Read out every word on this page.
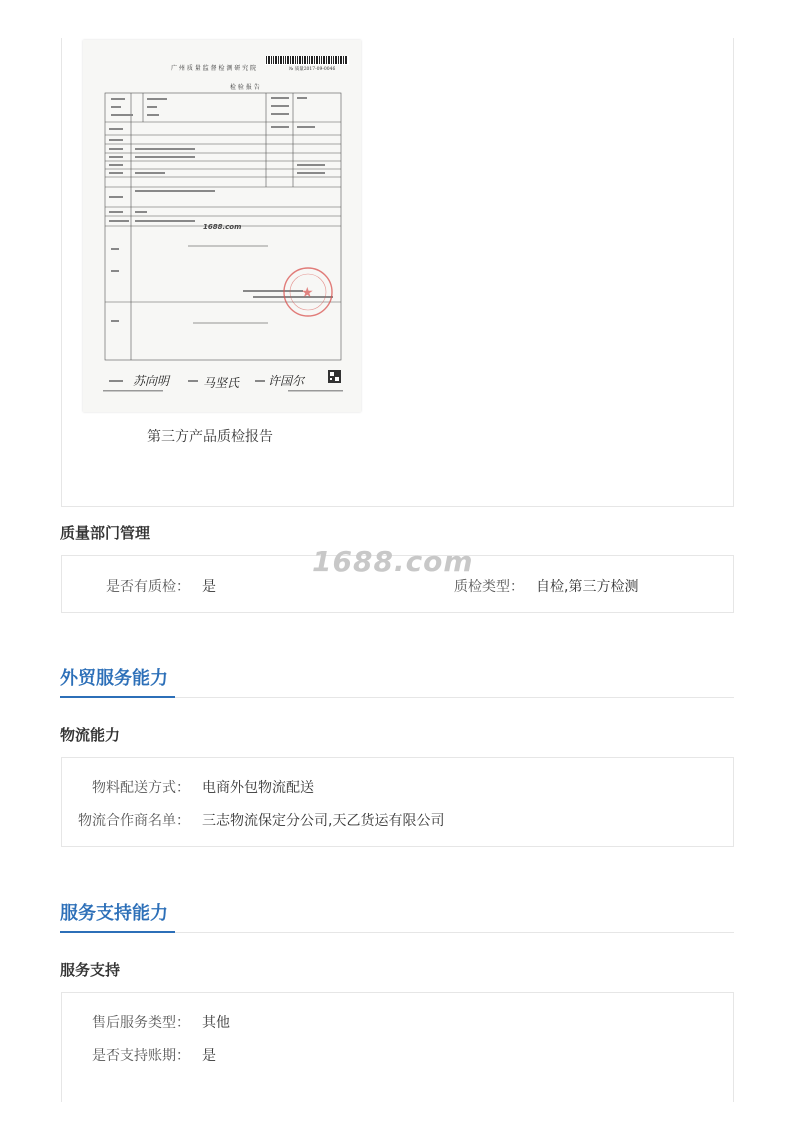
广 州 质 量 监 督 检 测 研 究 院	№ 质量2017-09-0046
检 验 报 告
1688.com
★
苏向明	马坚氏 许国尔
第三方产品质检报告
质量部门管理
是否有质检： 是	质检类型： 自检,第三方检测
1688.com
外贸服务能力
物流能力
物料配送方式： 电商外包物流配送
物流合作商名单： 三志物流保定分公司,天乙货运有限公司
服务支持能力
服务支持
售后服务类型： 其他
是否支持账期： 是
